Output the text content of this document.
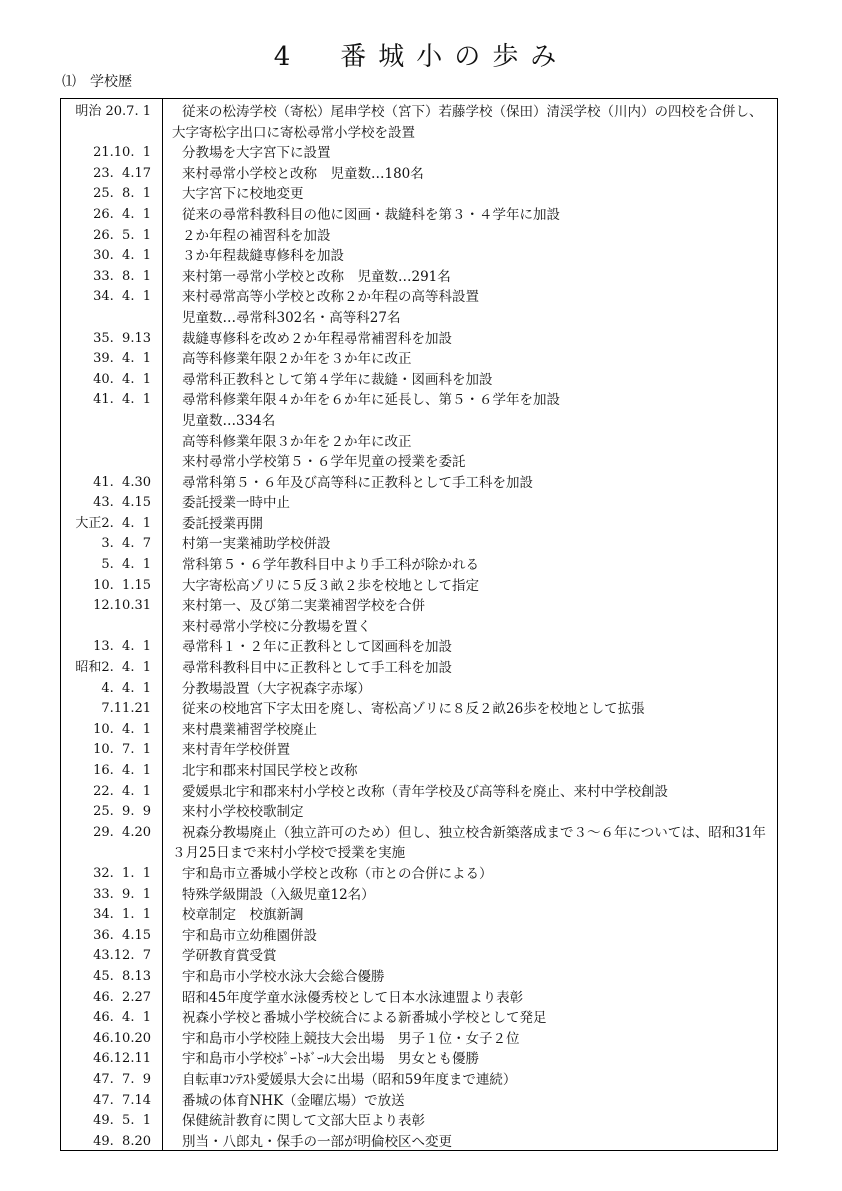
4　番城小の歩み
⑴　学校歴
明治 20.7. 1 従来の松涛学校（寄松）尾串学校（宮下）若藤学校（保田）清渓学校（川内）の四校を合併し、
大字寄松字出口に寄松尋常小学校を設置
21.10.  1 分教場を大字宮下に設置
23.  4.17 来村尋常小学校と改称　児童数…180名
25.  8.  1 大字宮下に校地変更
26.  4.  1 従来の尋常科教科目の他に図画・裁縫科を第３・４学年に加設
26.  5.  1 ２か年程の補習科を加設
30.  4.  1 ３か年程裁縫専修科を加設
33.  8.  1 来村第一尋常小学校と改称　児童数…291名
34.  4.  1 来村尋常高等小学校と改称２か年程の高等科設置
児童数…尋常科302名・高等科27名
35.  9.13 裁縫専修科を改め２か年程尋常補習科を加設
39.  4.  1 高等科修業年限２か年を３か年に改正
40.  4.  1 尋常科正教科として第４学年に裁縫・図画科を加設
41.  4.  1 尋常科修業年限４か年を６か年に延長し、第５・６学年を加設
児童数…334名
高等科修業年限３か年を２か年に改正
来村尋常小学校第５・６学年児童の授業を委託
41.  4.30 尋常科第５・６年及び高等科に正教科として手工科を加設
43.  4.15 委託授業一時中止
大正2.  4.  1 委託授業再開
3.  4.  7 村第一実業補助学校併設
5.  4.  1 常科第５・６学年教科目中より手工科が除かれる
10.  1.15 大字寄松高ゾリに５反３畝２歩を校地として指定
12.10.31 来村第一、及び第二実業補習学校を合併
来村尋常小学校に分教場を置く
13.  4.  1 尋常科１・２年に正教科として図画科を加設
昭和2.  4.  1 尋常科教科目中に正教科として手工科を加設
4.  4.  1 分教場設置（大字祝森字赤塚）
7.11.21 従来の校地宮下字太田を廃し、寄松高ゾリに８反２畝26歩を校地として拡張
10.  4.  1 来村農業補習学校廃止
10.  7.  1 来村青年学校併置
16.  4.  1 北宇和郡来村国民学校と改称
22.  4.  1 愛媛県北宇和郡来村小学校と改称（青年学校及び高等科を廃止、来村中学校創設
25.  9.  9 来村小学校校歌制定
29.  4.20 祝森分教場廃止（独立許可のため）但し、独立校舎新築落成まで３〜６年については、昭和31年
３月25日まで来村小学校で授業を実施
32.  1.  1 宇和島市立番城小学校と改称（市との合併による）
33.  9.  1 特殊学級開設（入級児童12名）
34.  1.  1 校章制定　校旗新調
36.  4.15 宇和島市立幼稚園併設
43.12.  7 学研教育賞受賞
45.  8.13 宇和島市小学校水泳大会総合優勝
46.  2.27 昭和45年度学童水泳優秀校として日本水泳連盟より表彰
46.  4.  1 祝森小学校と番城小学校統合による新番城小学校として発足
46.10.20 宇和島市小学校陸上競技大会出場　男子１位・女子２位
46.12.11 宇和島市小学校ﾎﾟｰﾄﾎﾞｰﾙ大会出場　男女とも優勝
47.  7.  9 自転車ｺﾝﾃｽﾄ愛媛県大会に出場（昭和59年度まで連続）
47.  7.14 番城の体育NHK（金曜広場）で放送
49.  5.  1 保健統計教育に関して文部大臣より表彰
49.  8.20 別当・八郎丸・保手の一部が明倫校区へ変更
